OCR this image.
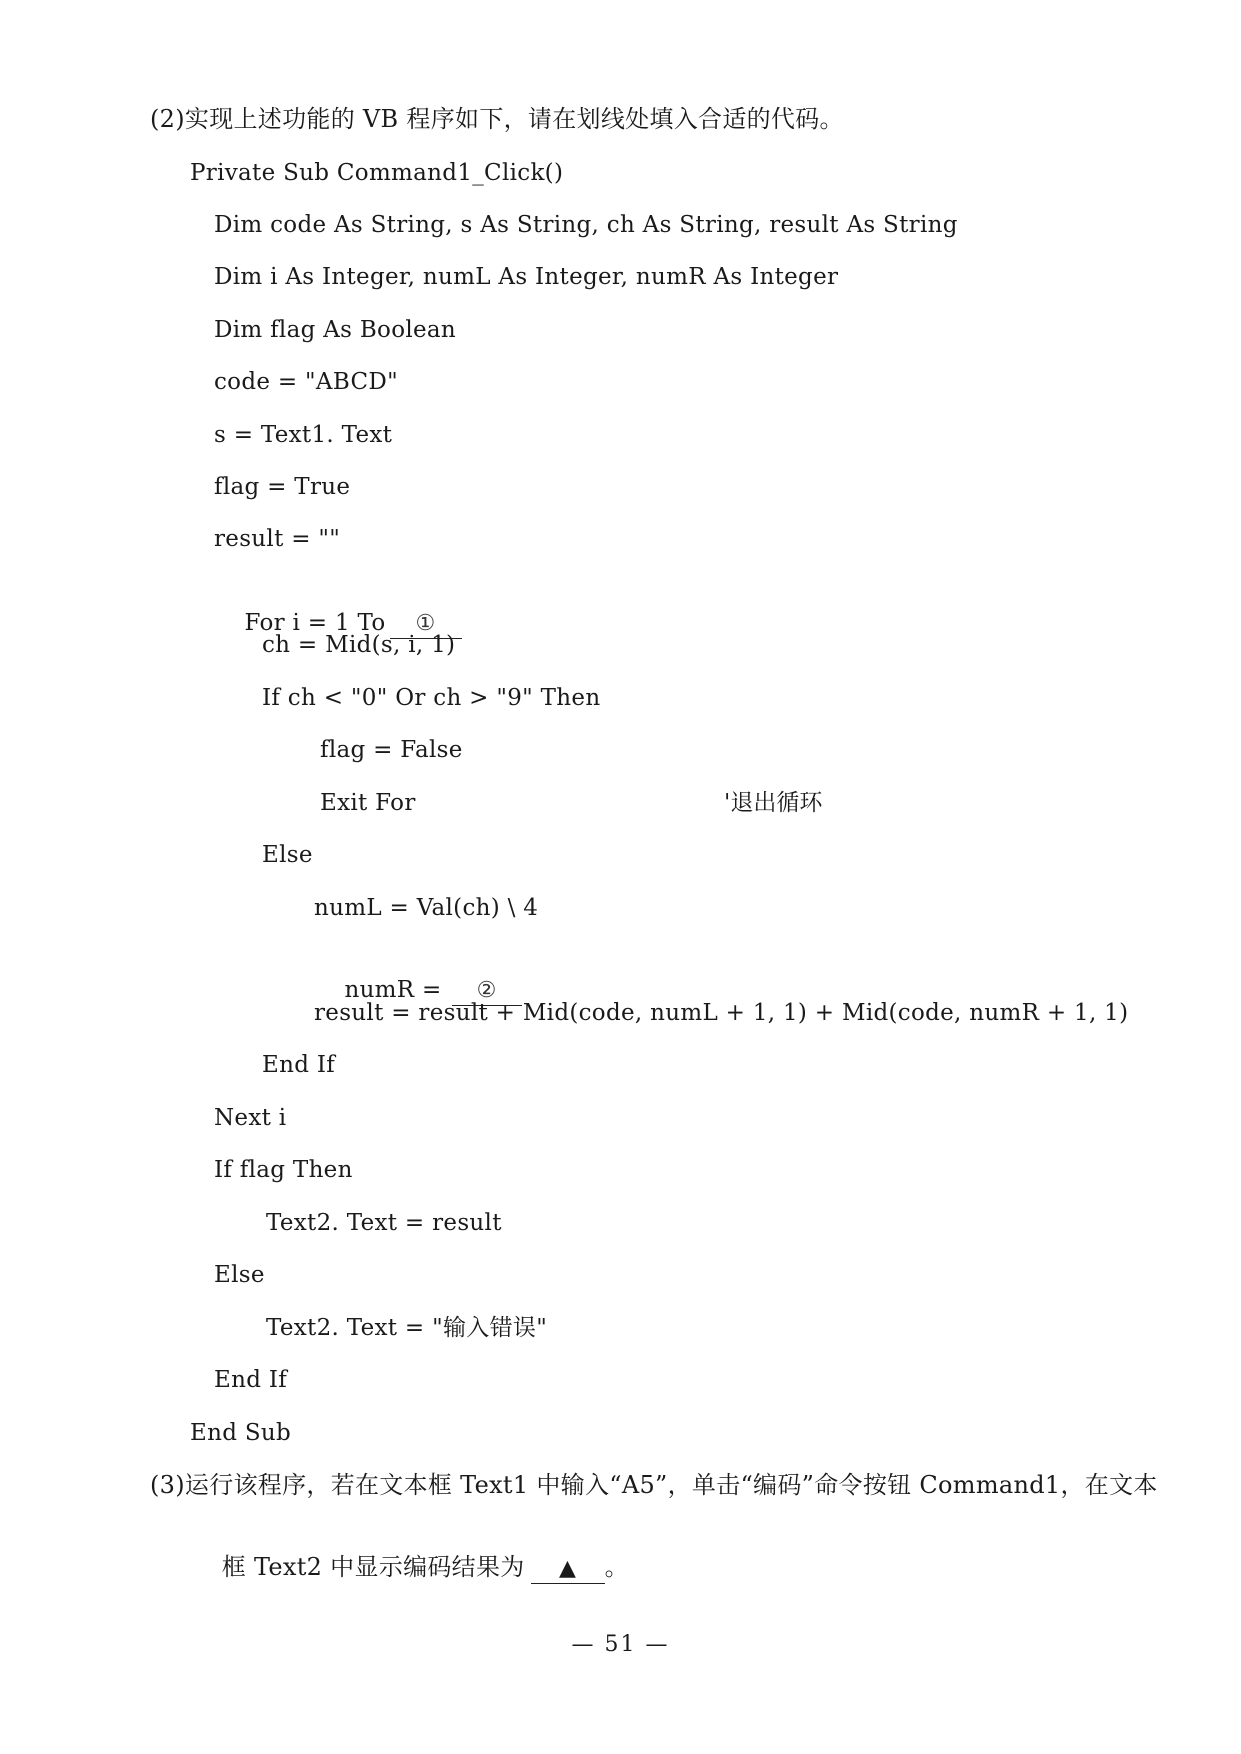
(2)实现上述功能的 VB 程序如下，请在划线处填入合适的代码。
Private Sub Command1_Click()
Dim code As String, s As String, ch As String, result As String
Dim i As Integer, numL As Integer, numR As Integer
Dim flag As Boolean
code = "ABCD"
s = Text1. Text
flag = True
result = ""

For i = 1 To ①

ch = Mid(s, i, 1)
If ch < "0" Or ch > "9" Then
flag = False
Exit For	'退出循环
Else
numL = Val(ch) \ 4

numR = ②

result = result + Mid(code, numL + 1, 1) + Mid(code, numR + 1, 1)
End If
Next i
If flag Then
Text2. Text = result
Else
Text2. Text = "输入错误"
End If
End Sub
(3)运行该程序，若在文本框 Text1 中输入“A5”，单击“编码”命令按钮 Command1，在文本

框 Text2 中显示编码结果为 ▲ 。

— 51 —
